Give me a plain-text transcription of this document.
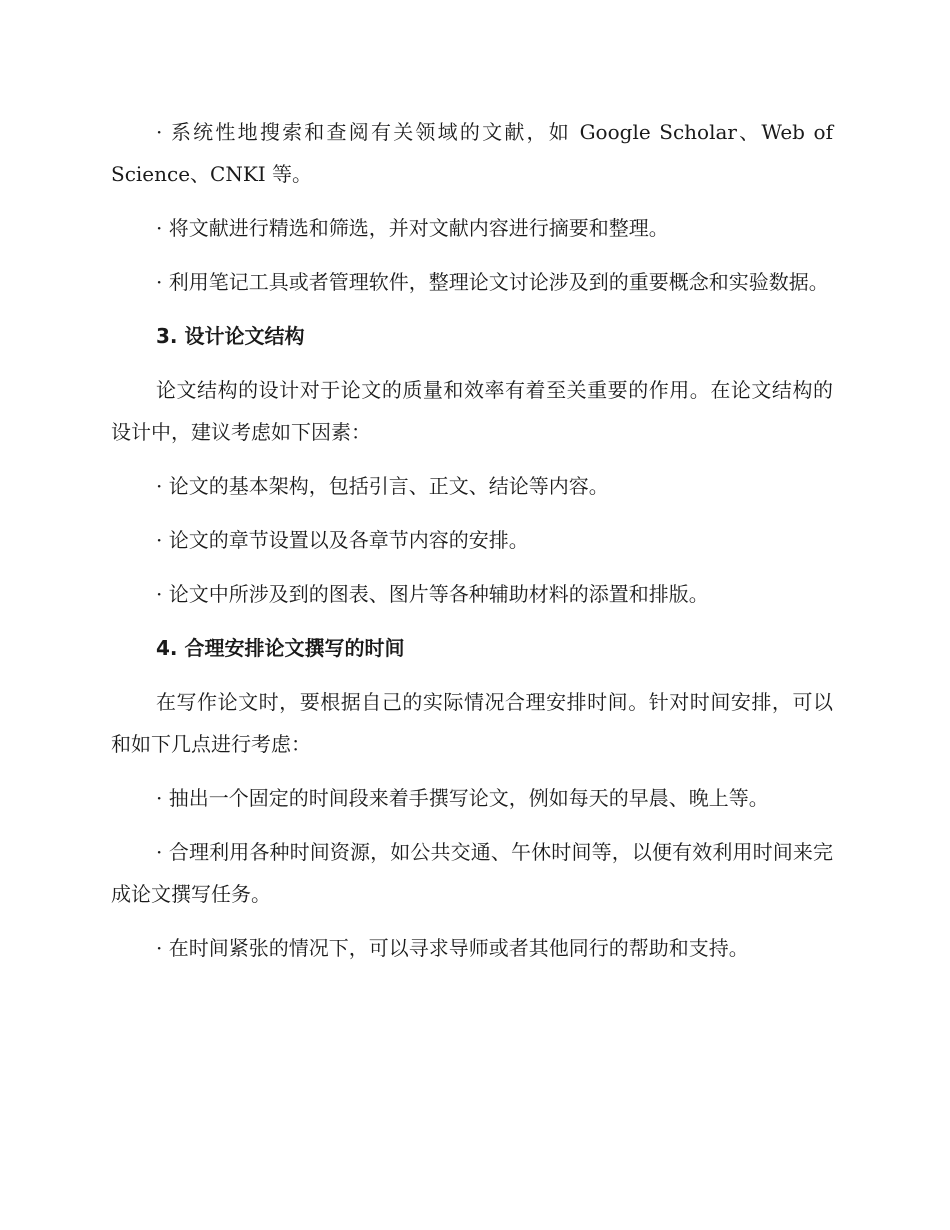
· 系统性地搜索和查阅有关领域的文献，如 Google Scholar、Web of Science、CNKI 等。

· 将文献进行精选和筛选，并对文献内容进行摘要和整理。

· 利用笔记工具或者管理软件，整理论文讨论涉及到的重要概念和实验数据。

3. 设计论文结构

论文结构的设计对于论文的质量和效率有着至关重要的作用。在论文结构的设计中，建议考虑如下因素：

· 论文的基本架构，包括引言、正文、结论等内容。

· 论文的章节设置以及各章节内容的安排。

· 论文中所涉及到的图表、图片等各种辅助材料的添置和排版。

4. 合理安排论文撰写的时间

在写作论文时，要根据自己的实际情况合理安排时间。针对时间安排，可以和如下几点进行考虑：

· 抽出一个固定的时间段来着手撰写论文，例如每天的早晨、晚上等。

· 合理利用各种时间资源，如公共交通、午休时间等，以便有效利用时间来完成论文撰写任务。

· 在时间紧张的情况下，可以寻求导师或者其他同行的帮助和支持。
